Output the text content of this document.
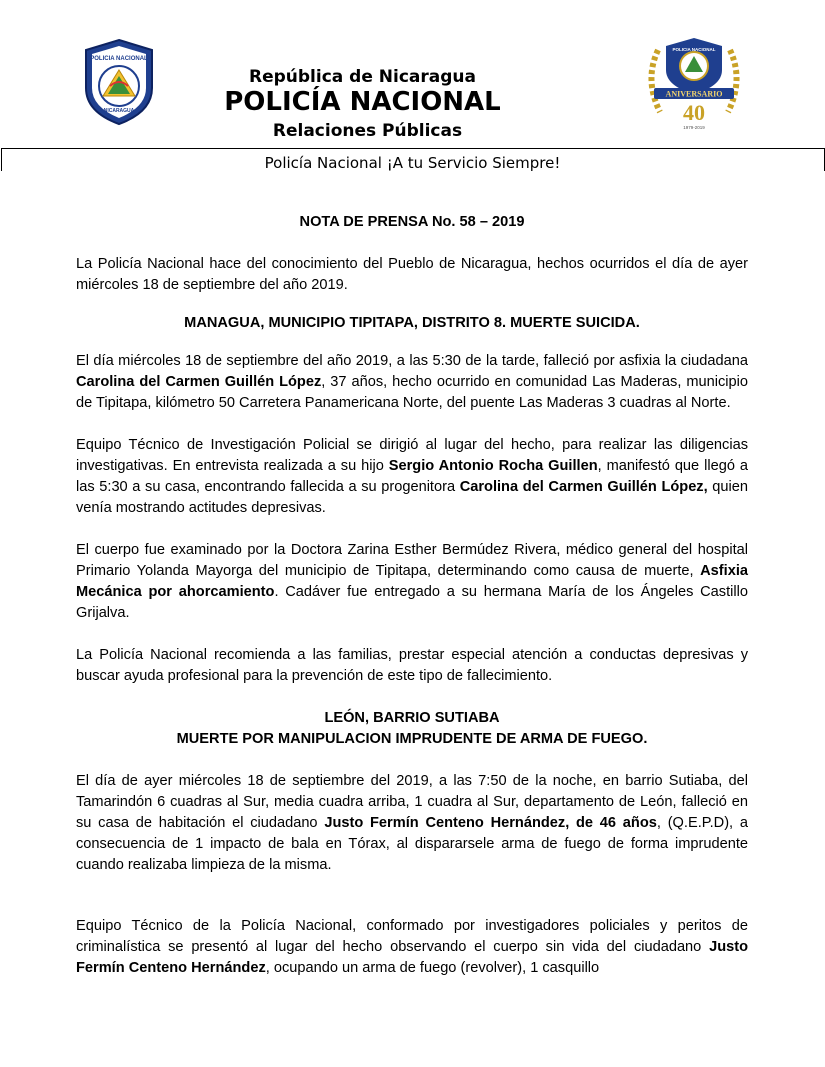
POLICIA NACIONAL
NICARAGUA
POLICIA NACIONAL
ANIVERSARIO
40
1979-2019
República de Nicaragua
POLICÍA NACIONAL
Relaciones Públicas
Policía Nacional ¡A tu Servicio Siempre!

NOTA DE PRENSA No. 58 – 2019

La Policía Nacional hace del conocimiento del Pueblo de Nicaragua, hechos ocurridos el día de ayer miércoles 18 de septiembre del año 2019.

MANAGUA, MUNICIPIO TIPITAPA, DISTRITO 8. MUERTE SUICIDA.

El día miércoles 18 de septiembre del año 2019, a las 5:30 de la tarde, falleció por asfixia la ciudadana Carolina del Carmen Guillén López, 37 años, hecho ocurrido en comunidad Las Maderas, municipio de Tipitapa, kilómetro 50 Carretera Panamericana Norte, del puente Las Maderas 3 cuadras al Norte.

Equipo Técnico de Investigación Policial se dirigió al lugar del hecho, para realizar las diligencias investigativas. En entrevista realizada a su hijo Sergio Antonio Rocha Guillen, manifestó que llegó a las 5:30 a su casa, encontrando fallecida a su progenitora Carolina del Carmen Guillén López, quien venía mostrando actitudes depresivas.

El cuerpo fue examinado por la Doctora Zarina Esther Bermúdez Rivera, médico general del hospital Primario Yolanda Mayorga del municipio de Tipitapa, determinando como causa de muerte, Asfixia Mecánica por ahorcamiento. Cadáver fue entregado a su hermana María de los Ángeles Castillo Grijalva.

La Policía Nacional recomienda a las familias, prestar especial atención a conductas depresivas y buscar ayuda profesional para la prevención de este tipo de fallecimiento.

LEÓN, BARRIO SUTIABA

MUERTE POR MANIPULACION IMPRUDENTE DE ARMA DE FUEGO.

El día de ayer miércoles 18 de septiembre del 2019, a las 7:50 de la noche, en barrio Sutiaba, del Tamarindón 6 cuadras al Sur, media cuadra arriba, 1 cuadra al Sur, departamento de León, falleció en su casa de habitación el ciudadano Justo Fermín Centeno Hernández, de 46 años, (Q.E.P.D), a consecuencia de 1 impacto de bala en Tórax, al dispararsele arma de fuego de forma imprudente cuando realizaba limpieza de la misma.

Equipo Técnico de la Policía Nacional, conformado por investigadores policiales y peritos de criminalística se presentó al lugar del hecho observando el cuerpo sin vida del ciudadano Justo Fermín Centeno Hernández, ocupando un arma de fuego (revolver), 1 casquillo
